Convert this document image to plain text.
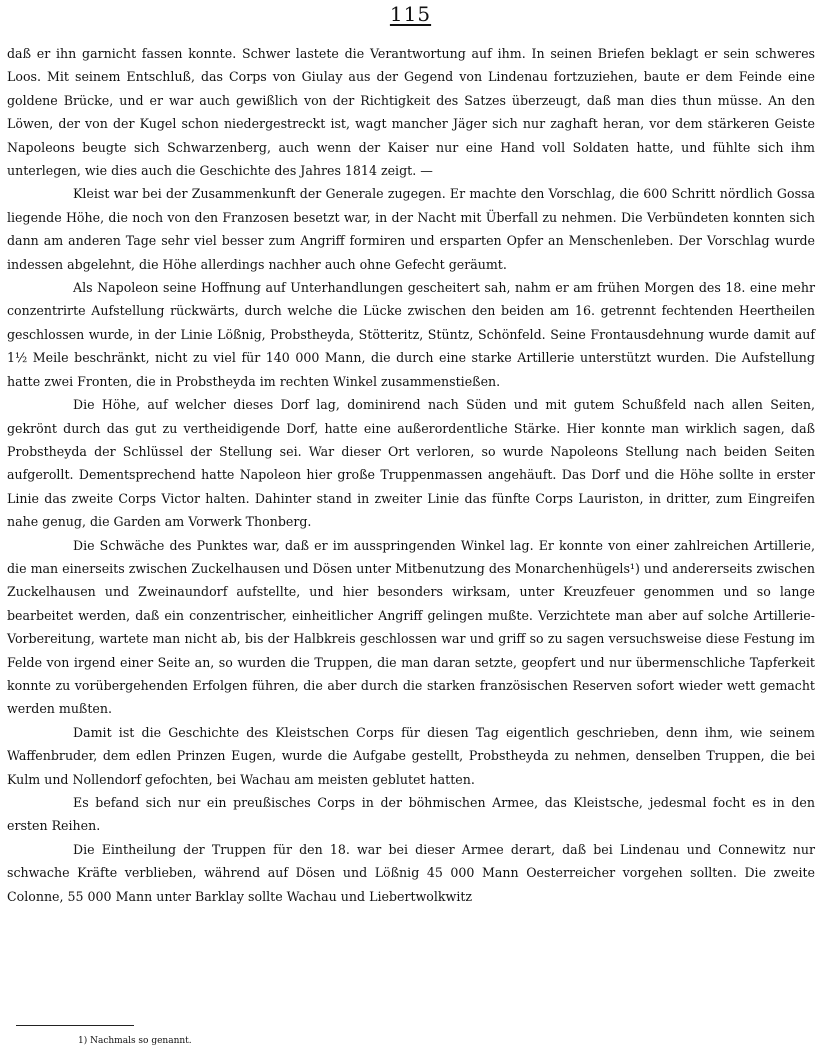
115

daß er ihn garnicht fassen konnte. Schwer lastete die Verantwortung auf ihm. In seinen Briefen beklagt er sein schweres Loos. Mit seinem Entschluß, das Corps von Giulay aus der Gegend von Lindenau fortzuziehen, baute er dem Feinde eine goldene Brücke, und er war auch gewißlich von der Richtigkeit des Satzes überzeugt, daß man dies thun müsse. An den Löwen, der von der Kugel schon niedergestreckt ist, wagt mancher Jäger sich nur zaghaft heran, vor dem stärkeren Geiste Napoleons beugte sich Schwarzenberg, auch wenn der Kaiser nur eine Hand voll Soldaten hatte, und fühlte sich ihm unterlegen, wie dies auch die Geschichte des Jahres 1814 zeigt. —

Kleist war bei der Zusammenkunft der Generale zugegen. Er machte den Vorschlag, die 600 Schritt nördlich Gossa liegende Höhe, die noch von den Franzosen besetzt war, in der Nacht mit Überfall zu nehmen. Die Verbündeten konnten sich dann am anderen Tage sehr viel besser zum Angriff formiren und ersparten Opfer an Menschenleben. Der Vorschlag wurde indessen abgelehnt, die Höhe allerdings nachher auch ohne Gefecht geräumt.

Als Napoleon seine Hoffnung auf Unterhandlungen gescheitert sah, nahm er am frühen Morgen des 18. eine mehr conzentrirte Aufstellung rückwärts, durch welche die Lücke zwischen den beiden am 16. getrennt fechtenden Heertheilen geschlossen wurde, in der Linie Lößnig, Probstheyda, Stötteritz, Stüntz, Schönfeld. Seine Frontausdehnung wurde damit auf 1½ Meile beschränkt, nicht zu viel für 140 000 Mann, die durch eine starke Artillerie unterstützt wurden. Die Aufstellung hatte zwei Fronten, die in Probstheyda im rechten Winkel zusammenstießen.

Die Höhe, auf welcher dieses Dorf lag, dominirend nach Süden und mit gutem Schußfeld nach allen Seiten, gekrönt durch das gut zu vertheidigende Dorf, hatte eine außerordentliche Stärke. Hier konnte man wirklich sagen, daß Probstheyda der Schlüssel der Stellung sei. War dieser Ort verloren, so wurde Napoleons Stellung nach beiden Seiten aufgerollt. Dementsprechend hatte Napoleon hier große Truppenmassen angehäuft. Das Dorf und die Höhe sollte in erster Linie das zweite Corps Victor halten. Dahinter stand in zweiter Linie das fünfte Corps Lauriston, in dritter, zum Eingreifen nahe genug, die Garden am Vorwerk Thonberg.

Die Schwäche des Punktes war, daß er im ausspringenden Winkel lag. Er konnte von einer zahlreichen Artillerie, die man einerseits zwischen Zuckelhausen und Dösen unter Mitbenutzung des Monarchenhügels¹) und andererseits zwischen Zuckelhausen und Zweinaundorf aufstellte, und hier besonders wirksam, unter Kreuzfeuer genommen und so lange bearbeitet werden, daß ein conzentrischer, einheitlicher Angriff gelingen mußte. Verzichtete man aber auf solche Artillerie-Vorbereitung, wartete man nicht ab, bis der Halbkreis geschlossen war und griff so zu sagen versuchsweise diese Festung im Felde von irgend einer Seite an, so wurden die Truppen, die man daran setzte, geopfert und nur übermenschliche Tapferkeit konnte zu vorübergehenden Erfolgen führen, die aber durch die starken französischen Reserven sofort wieder wett gemacht werden mußten.

Damit ist die Geschichte des Kleistschen Corps für diesen Tag eigentlich geschrieben, denn ihm, wie seinem Waffenbruder, dem edlen Prinzen Eugen, wurde die Aufgabe gestellt, Probstheyda zu nehmen, denselben Truppen, die bei Kulm und Nollendorf gefochten, bei Wachau am meisten geblutet hatten.

Es befand sich nur ein preußisches Corps in der böhmischen Armee, das Kleistsche, jedesmal focht es in den ersten Reihen.

Die Eintheilung der Truppen für den 18. war bei dieser Armee derart, daß bei Lindenau und Connewitz nur schwache Kräfte verblieben, während auf Dösen und Lößnig 45 000 Mann Oesterreicher vorgehen sollten. Die zweite Colonne, 55 000 Mann unter Barklay sollte Wachau und Liebertwolkwitz

1) Nachmals so genannt.
